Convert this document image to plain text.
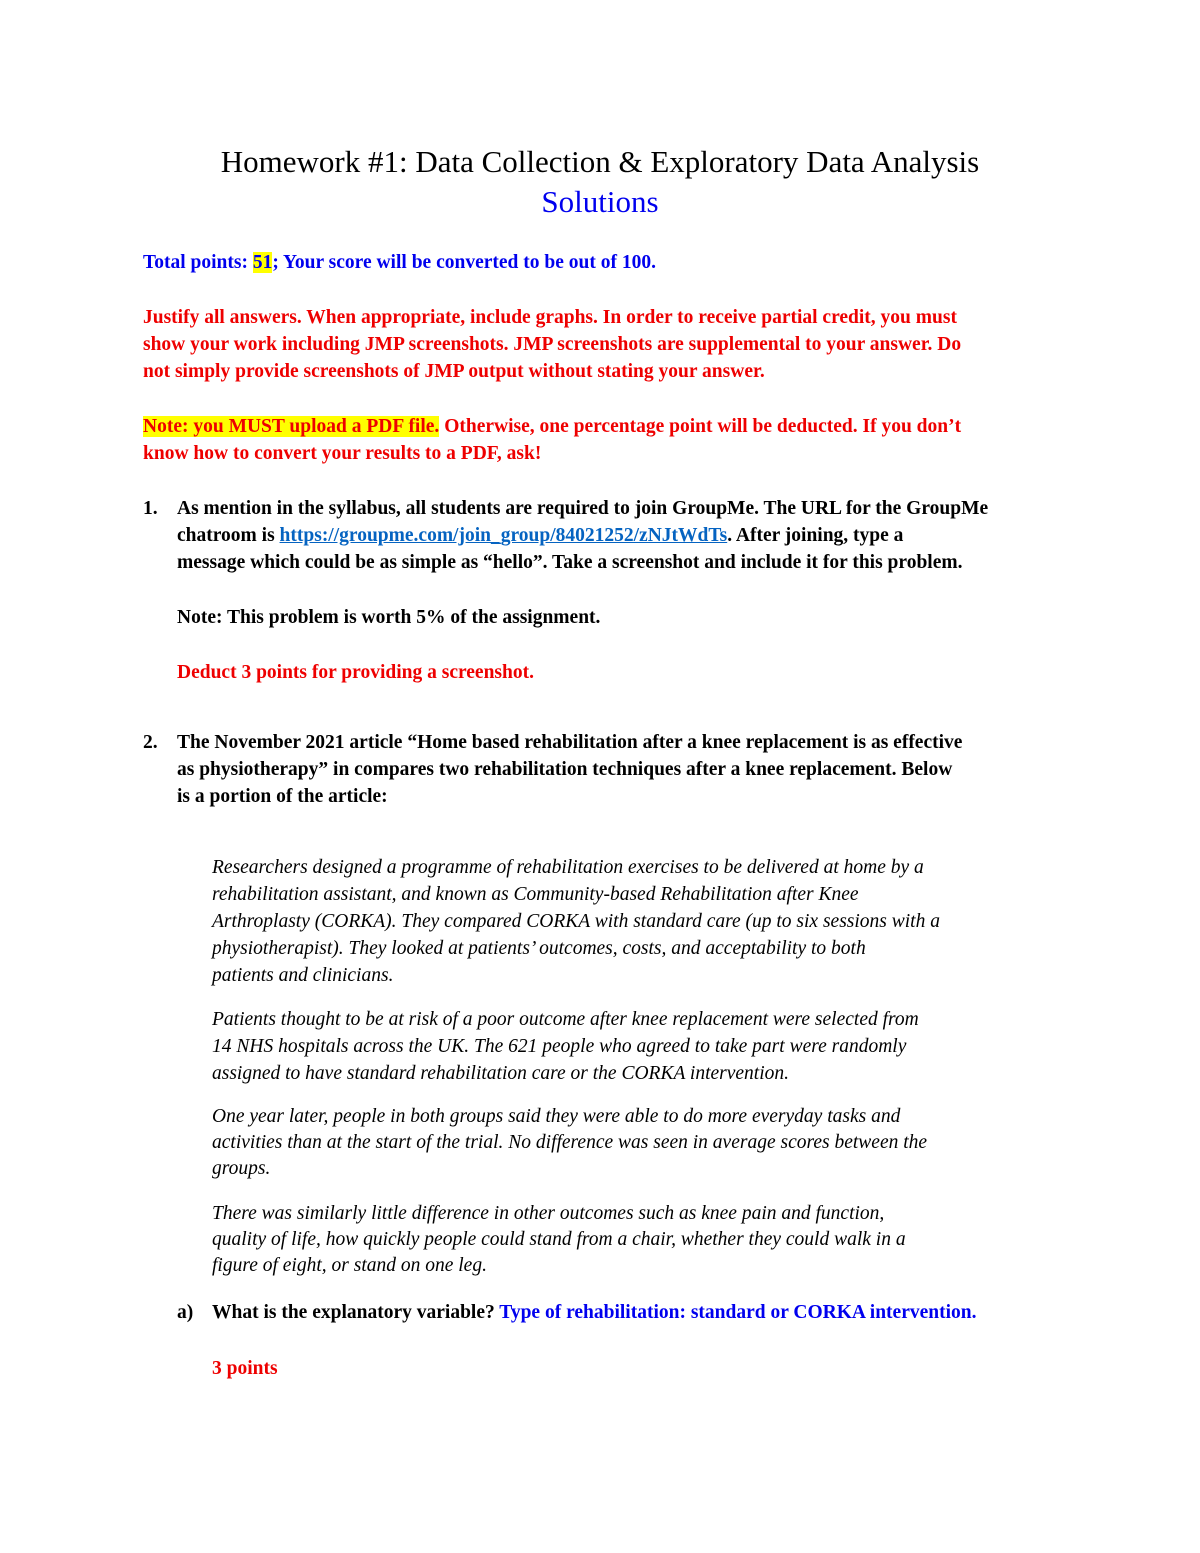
Homework #1: Data Collection & Exploratory Data Analysis
Solutions
Total points: 51; Your score will be converted to be out of 100.
Justify all answers. When appropriate, include graphs. In order to receive partial credit, you must
show your work including JMP screenshots. JMP screenshots are supplemental to your answer. Do
not simply provide screenshots of JMP output without stating your answer.
Note: you MUST upload a PDF file. Otherwise, one percentage point will be deducted. If you don’t
know how to convert your results to a PDF, ask!
1. As mention in the syllabus, all students are required to join GroupMe. The URL for the GroupMe
chatroom is https://groupme.com/join_group/84021252/zNJtWdTs. After joining, type a
message which could be as simple as “hello”. Take a screenshot and include it for this problem.
Note: This problem is worth 5% of the assignment.
Deduct 3 points for providing a screenshot.
2. The November 2021 article “Home based rehabilitation after a knee replacement is as effective
as physiotherapy” in compares two rehabilitation techniques after a knee replacement. Below
is a portion of the article:
Researchers designed a programme of rehabilitation exercises to be delivered at home by a
rehabilitation assistant, and known as Community-based Rehabilitation after Knee
Arthroplasty (CORKA). They compared CORKA with standard care (up to six sessions with a
physiotherapist). They looked at patients’ outcomes, costs, and acceptability to both
patients and clinicians.
Patients thought to be at risk of a poor outcome after knee replacement were selected from
14 NHS hospitals across the UK. The 621 people who agreed to take part were randomly
assigned to have standard rehabilitation care or the CORKA intervention.
One year later, people in both groups said they were able to do more everyday tasks and
activities than at the start of the trial. No difference was seen in average scores between the
groups.
There was similarly little difference in other outcomes such as knee pain and function,
quality of life, how quickly people could stand from a chair, whether they could walk in a
figure of eight, or stand on one leg.
a) What is the explanatory variable? Type of rehabilitation: standard or CORKA intervention.
3 points
